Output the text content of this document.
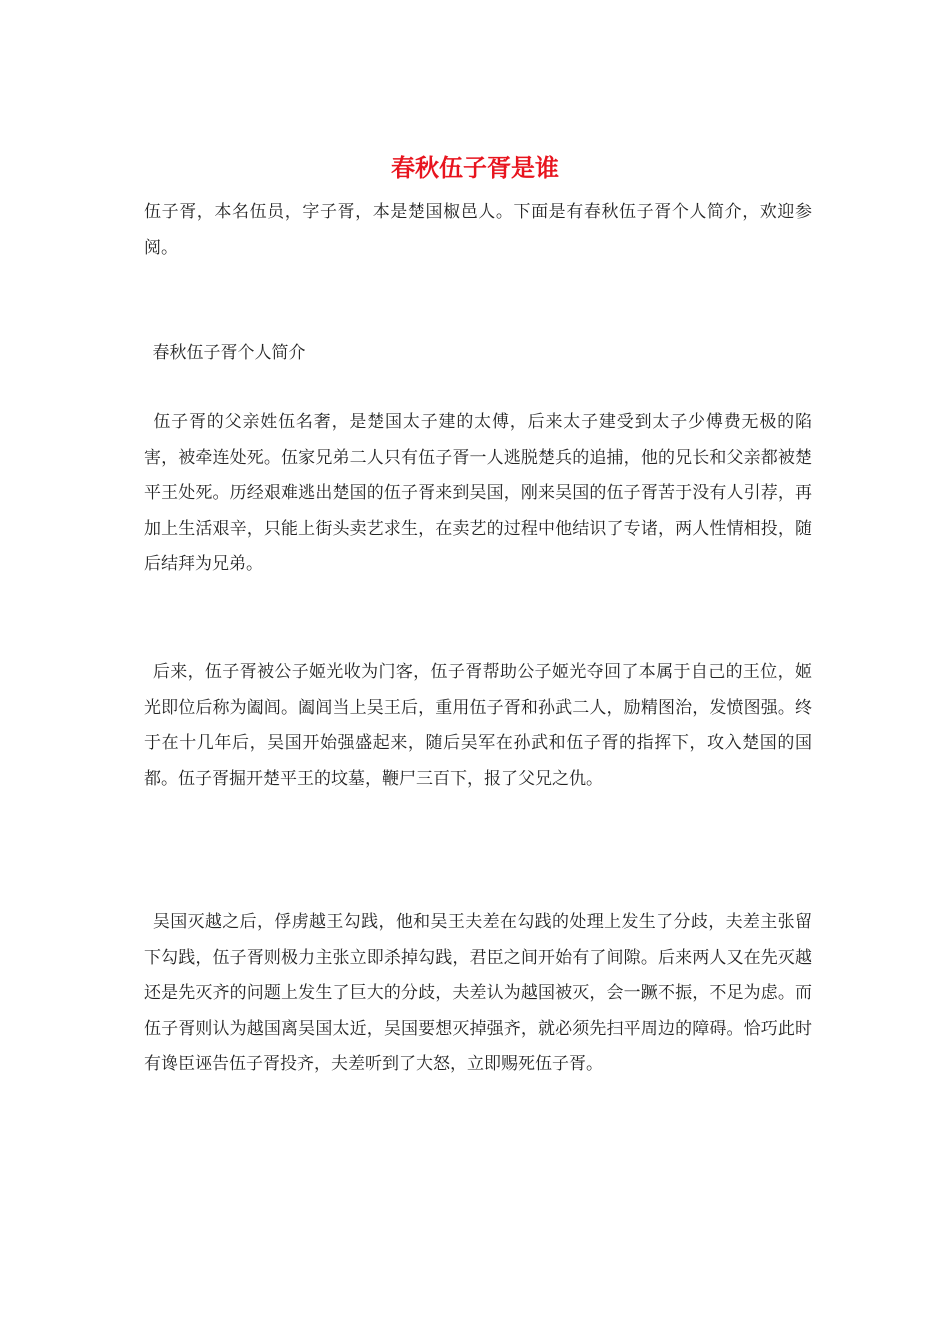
春秋伍子胥是谁

伍子胥，本名伍员，字子胥，本是楚国椒邑人。下面是有春秋伍子胥个人简介，欢迎参阅。

 春秋伍子胥个人简介

 伍子胥的父亲姓伍名奢，是楚国太子建的太傅，后来太子建受到太子少傅费无极的陷害，被牵连处死。伍家兄弟二人只有伍子胥一人逃脱楚兵的追捕，他的兄长和父亲都被楚平王处死。历经艰难逃出楚国的伍子胥来到吴国，刚来吴国的伍子胥苦于没有人引荐，再加上生活艰辛，只能上街头卖艺求生，在卖艺的过程中他结识了专诸，两人性情相投，随后结拜为兄弟。

 后来，伍子胥被公子姬光收为门客，伍子胥帮助公子姬光夺回了本属于自己的王位，姬光即位后称为阖闾。阖闾当上吴王后，重用伍子胥和孙武二人，励精图治，发愤图强。终于在十几年后，吴国开始强盛起来，随后吴军在孙武和伍子胥的指挥下，攻入楚国的国都。伍子胥掘开楚平王的坟墓，鞭尸三百下，报了父兄之仇。

 吴国灭越之后，俘虏越王勾践，他和吴王夫差在勾践的处理上发生了分歧，夫差主张留下勾践，伍子胥则极力主张立即杀掉勾践，君臣之间开始有了间隙。后来两人又在先灭越还是先灭齐的问题上发生了巨大的分歧，夫差认为越国被灭，会一蹶不振，不足为虑。而伍子胥则认为越国离吴国太近，吴国要想灭掉强齐，就必须先扫平周边的障碍。恰巧此时有谗臣诬告伍子胥投齐，夫差听到了大怒，立即赐死伍子胥。
